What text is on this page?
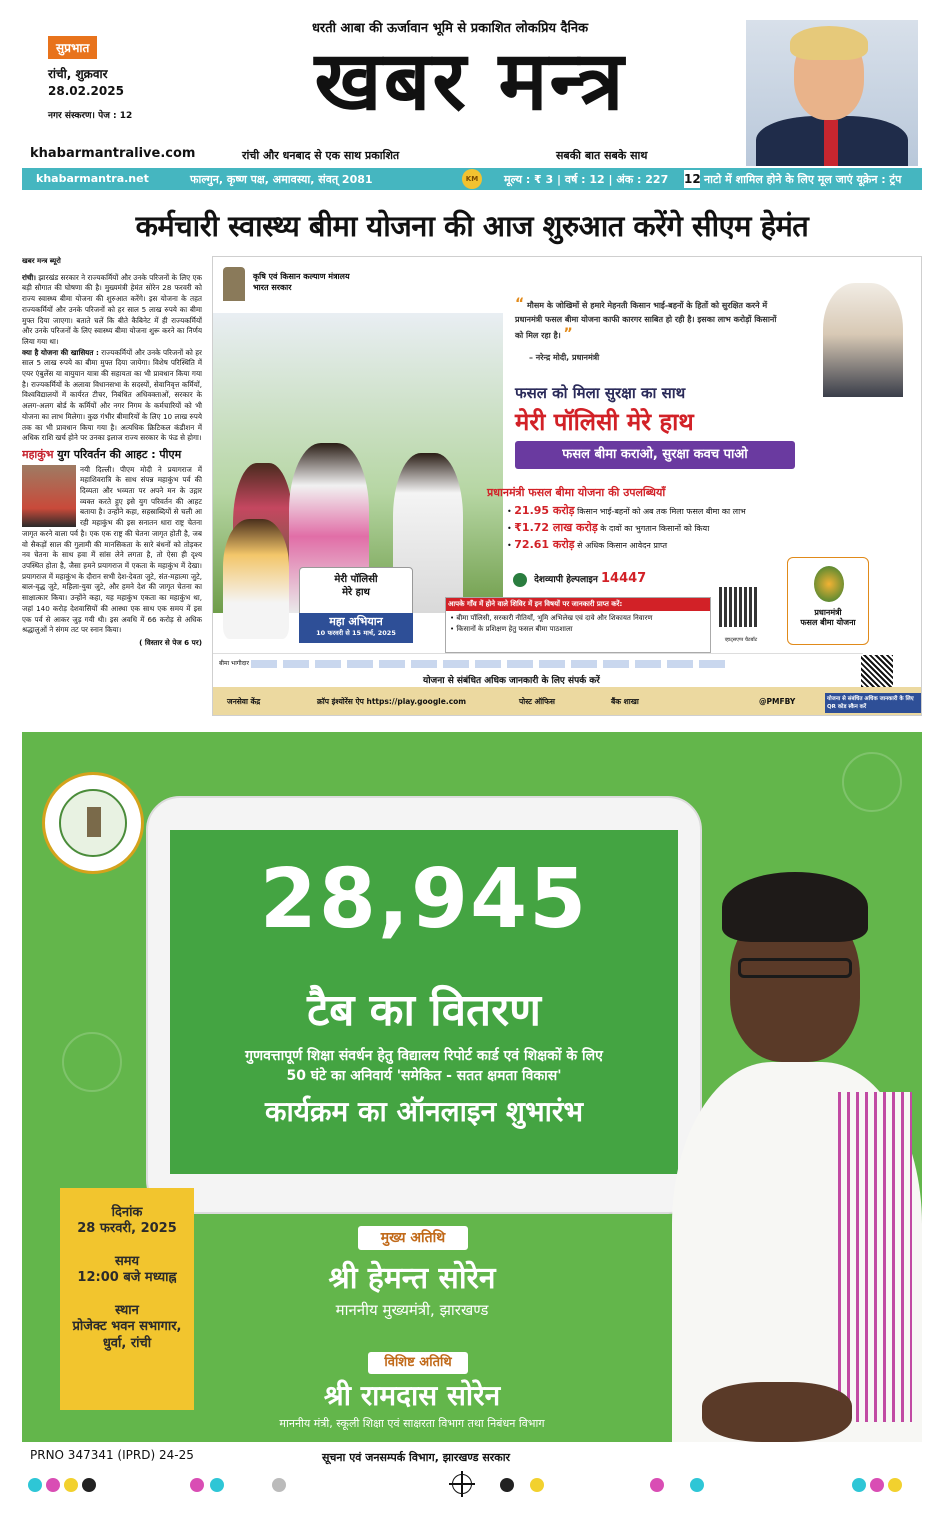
धरती आबा की ऊर्जावान भूमि से प्रकाशित लोकप्रिय दैनिक
खबर मन्त्र
सुप्रभात
रांची, शुक्रवार
28.02.2025
नगर संस्करण। पेज : 12
khabarmantralive.com	रांची और धनबाद से एक साथ प्रकाशित	सबकी बात सबके साथ
khabarmantra.net	फाल्गुन, कृष्ण पक्ष, अमावस्या, संवत् 2081	KM	मूल्य : ₹ 3 | वर्ष : 12 | अंक : 227 12 नाटो में शामिल होने के लिए मूल जाएं यूक्रेन : ट्रंप
कर्मचारी स्वास्थ्य बीमा योजना की आज शुरुआत करेंगे सीएम हेमंत
खबर मन्त्र ब्यूरो

रांची। झारखंड सरकार ने राज्यकर्मियों और उनके परिजनों के लिए एक बड़ी सौगात की घोषणा की है। मुख्यमंत्री हेमंत सोरेन 28 फरवरी को राज्य स्वास्थ्य बीमा योजना की शुरुआत करेंगे। इस योजना के तहत राज्यकर्मियों और उनके परिजनों को हर साल 5 लाख रुपये का बीमा मुफ्त दिया जाएगा। बताते चलें कि बीते कैबिनेट में ही राज्यकर्मियों और उनके परिजनों के लिए स्वास्थ्य बीमा योजना शुरू करने का निर्णय लिया गया था।

क्या है योजना की खासियत : राज्यकर्मियों और उनके परिजनों को हर साल 5 लाख रुपये का बीमा मुफ्त दिया जायेगा। विशेष परिस्थिति में एयर एंबुलेंस या वायुयान यात्रा की सहायता का भी प्रावधान किया गया है। राज्यकर्मियों के अलावा विधानसभा के सदस्यों, सेवानिवृत्त कर्मियों, विश्वविद्यालयों में कार्यरत टीचर, निबंधित अधिवक्ताओं, सरकार के अलग-अलग बोर्ड के कर्मियों और नगर निगम के कर्मचारियों को भी योजना का लाभ मिलेगा। कुछ गंभीर बीमारियों के लिए 10 लाख रुपये तक का भी प्रावधान किया गया है। अत्यधिक क्रिटिकल कंडीशन में अधिक राशि खर्च होने पर उनका इलाज राज्य सरकार के फंड से होगा।

महाकुंभ युग परिवर्तन की आहट : पीएम

नयी दिल्ली। पीएम मोदी ने प्रयागराज में महाशिवरात्रि के साथ संपन्न महाकुंभ पर्व की दिव्यता और भव्यता पर अपने मन के उद्गार व्यक्त करते हुए इसे युग परिवर्तन की आहट बताया है। उन्होंने कहा, सहस्राब्दियों से चली आ रही महाकुंभ की इस सनातन धारा राष्ट्र चेतना जागृत करने वाला पर्व है। एक एक राष्ट्र की चेतना जागृत होती है, जब वो सैकड़ों साल की गुलामी की मानसिकता के सारे बंधनों को तोड़कर नव चेतना के साथ हवा में सांस लेने लगता है, तो ऐसा ही दृश्य उपस्थित होता है, जैसा हमने प्रयागराज में एकता के महाकुंभ में देखा। प्रयागराज में महाकुंभ के दौरान सभी देश-देवता जुटे, संत-महात्मा जुटे, बाल-वृद्ध जुटे, महिला-युवा जुटे, और हमने देश की जागृत चेतना का साक्षात्कार किया। उन्होंने कहा, यह महाकुंभ एकता का महाकुंभ था, जहां 140 करोड़ देशवासियों की आस्था एक साथ एक समय में इस एक पर्व से आकर जुड़ गयी थी। इस अवधि में 66 करोड़ से अधिक श्रद्धालुओं ने संगम तट पर स्नान किया।

( विस्तार से पेज 6 पर)
कृषि एवं किसान कल्याण मंत्रालय
भारत सरकार
“ मौसम के जोखिमों से हमारे मेहनती किसान भाई-बहनों के हितों को सुरक्षित करने में प्रधानमंत्री फसल बीमा योजना काफी कारगर साबित हो रही है। इसका लाभ करोड़ों किसानों को मिल रहा है। ”
– नरेन्द्र मोदी, प्रधानमंत्री
मेरी पॉलिसी
मेरे हाथ
महा अभियान
10 फरवरी से 15 मार्च, 2025
फसल को मिला सुरक्षा का साथ
मेरी पॉलिसी मेरे हाथ
फसल बीमा कराओ, सुरक्षा कवच पाओ
प्रधानमंत्री फसल बीमा योजना की उपलब्धियाँ
• 21.95 करोड़ किसान भाई-बहनों को अब तक मिला फसल बीमा का लाभ
• ₹1.72 लाख करोड़ के दावों का भुगतान किसानों को किया
• 72.61 करोड़ से अधिक किसान आवेदन प्राप्त
देशव्यापी हेल्पलाइन 14447
आपके गाँव में होने वाले शिविर में इन विषयों पर जानकारी प्राप्त करें:
• बीमा पॉलिसी, सरकारी नीतियाँ, भूमि अभिलेख एवं दावे और शिकायत निवारण
• किसानों के प्रशिक्षण हेतु फसल बीमा पाठशाला
व्हाट्सएप्प चैटबॉट
प्रधानमंत्री
फसल बीमा योजना
बीमा भागीदार
योजना से संबंधित अधिक जानकारी के लिए संपर्क करें
जनसेवा केंद्र	क्रॉप इंश्योरेंस ऐप https://play.google.com	पोस्ट ऑफिस	बैंक शाखा	@PMFBY	योजना से संबंधित अधिक जानकारी के लिए QR कोड स्कैन करें
28,945
टैब का वितरण
गुणवत्तापूर्ण शिक्षा संवर्धन हेतु विद्यालय रिपोर्ट कार्ड एवं शिक्षकों के लिए
50 घंटे का अनिवार्य 'समेकित - सतत क्षमता विकास'
कार्यक्रम का ऑनलाइन शुभारंभ
दिनांक
28 फरवरी, 2025
समय
12:00 बजे मध्याह्न
स्थान
प्रोजेक्ट भवन सभागार, धुर्वा, रांची
मुख्य अतिथि
श्री हेमन्त सोरेन
माननीय मुख्यमंत्री, झारखण्ड
विशिष्ट अतिथि
श्री रामदास सोरेन
माननीय मंत्री, स्कूली शिक्षा एवं साक्षरता विभाग तथा निबंधन विभाग
PRNO 347341 (IPRD) 24-25	सूचना एवं जनसम्पर्क विभाग, झारखण्ड सरकार
